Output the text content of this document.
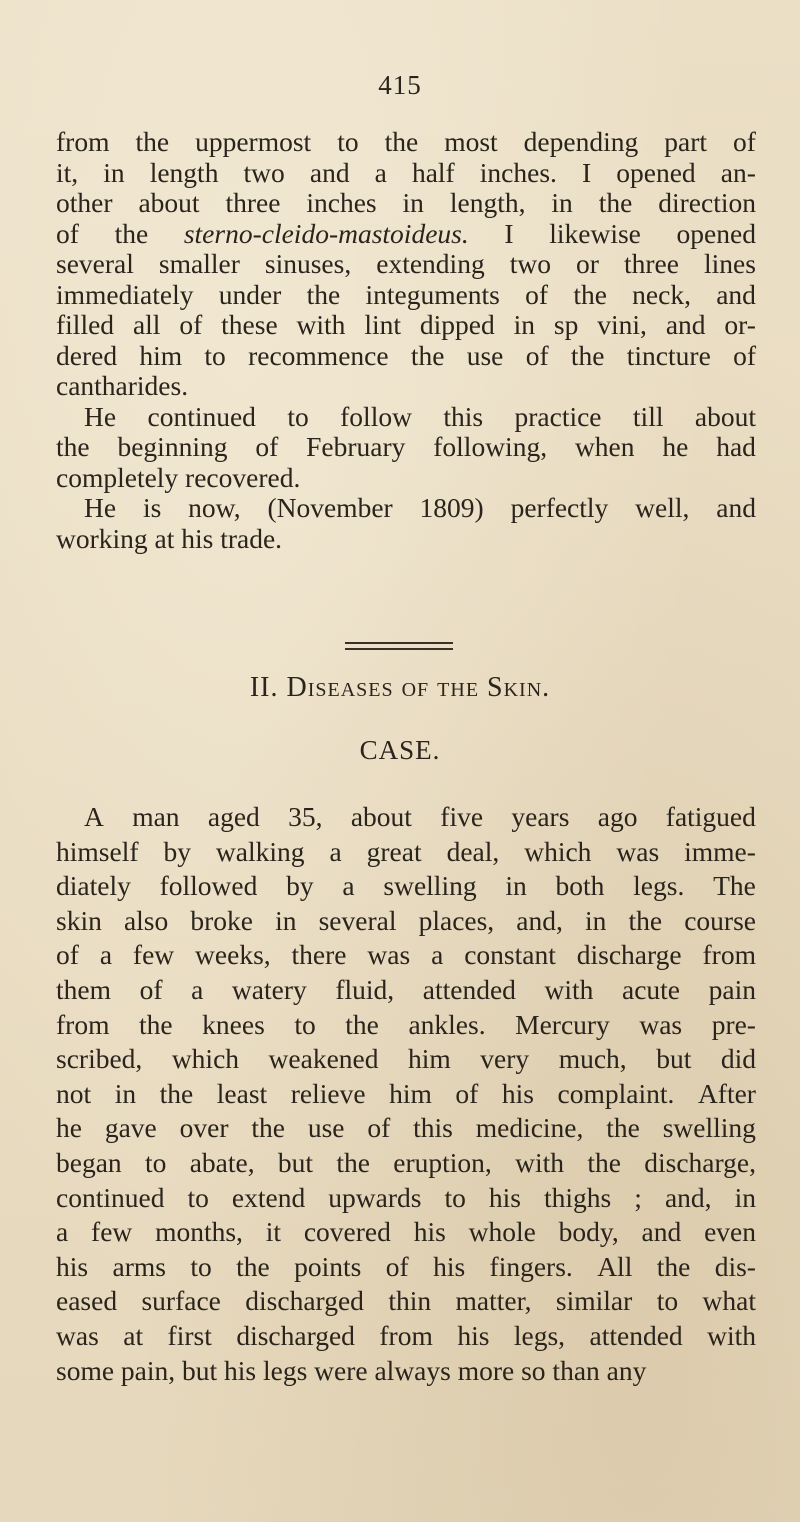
415
from the uppermost to the most depending part of
it, in length two and a half inches. I opened an-
other about three inches in length, in the direction
of the sterno-cleido-mastoideus. I likewise opened
several smaller sinuses, extending two or three lines
immediately under the integuments of the neck, and
filled all of these with lint dipped in sp vini, and or-
dered him to recommence the use of the tincture of
cantharides.
He continued to follow this practice till about
the beginning of February following, when he had
completely recovered.
He is now, (November 1809) perfectly well, and
working at his trade.
II. Diseases of the Skin.
CASE.
A man aged 35, about five years ago fatigued
himself by walking a great deal, which was imme-
diately followed by a swelling in both legs. The
skin also broke in several places, and, in the course
of a few weeks, there was a constant discharge from
them of a watery fluid, attended with acute pain
from the knees to the ankles. Mercury was pre-
scribed, which weakened him very much, but did
not in the least relieve him of his complaint. After
he gave over the use of this medicine, the swelling
began to abate, but the eruption, with the discharge,
continued to extend upwards to his thighs ; and, in
a few months, it covered his whole body, and even
his arms to the points of his fingers. All the dis-
eased surface discharged thin matter, similar to what
was at first discharged from his legs, attended with
some pain, but his legs were always more so than any
